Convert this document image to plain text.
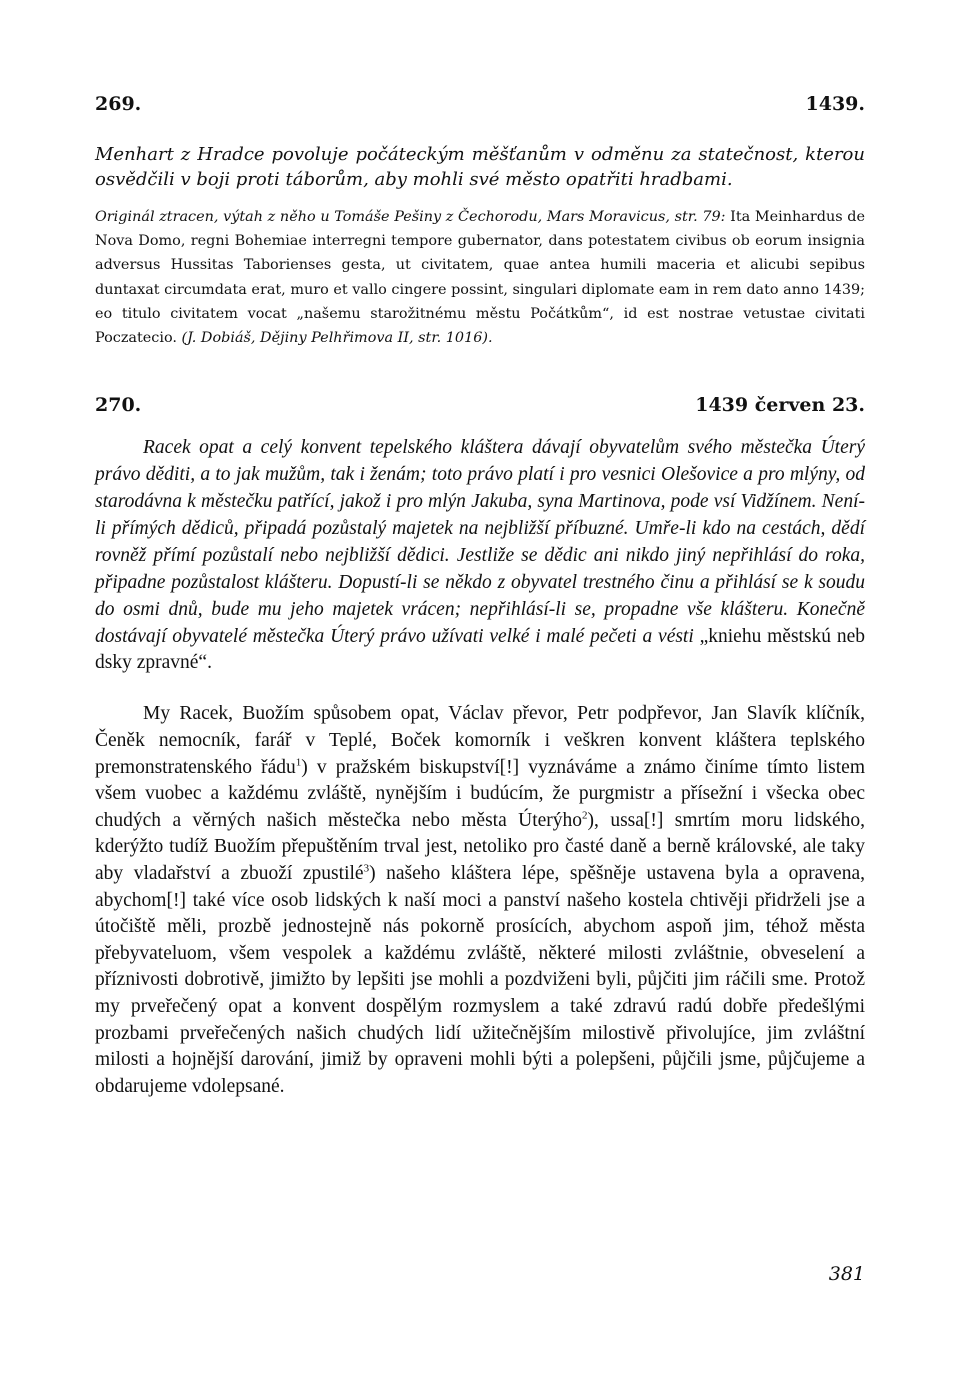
269.	1439.
Menhart z Hradce povoluje počáteckým měšťanům v odměnu za statečnost, kterou osvědčili v boji proti táborům, aby mohli své město opatřiti hradbami.
Originál ztracen, výtah z něho u Tomáše Pešiny z Čechorodu, Mars Moravicus, str. 79: Ita Meinhardus de Nova Domo, regni Bohemiae interregni tempore gubernator, dans potestatem civibus ob eorum insignia adversus Hussitas Taborienses gesta, ut civitatem, quae antea humili maceria et alicubi sepibus duntaxat circumdata erat, muro et vallo cingere possint, singulari diplomate eam in rem dato anno 1439; eo titulo civitatem vocat „našemu starožitnému městu Počátkům“, id est nostrae vetustae civitati Poczatecio. (J. Dobiáš, Dějiny Pelhřimova II, str. 1016).
270.	1439 červen 23.
Racek opat a celý konvent tepelského kláštera dávají obyvatelům svého městečka Úterý právo děditi, a to jak mužům, tak i ženám; toto právo platí i pro vesnici Olešovice a pro mlýny, od starodávna k městečku patřící, jakož i pro mlýn Jakuba, syna Martinova, pode vsí Vidžínem. Není-li přímých dědiců, připadá pozůstalý majetek na nejbližší příbuzné. Umře-li kdo na cestách, dědí rovněž přímí pozůstalí nebo nejbližší dědici. Jestliže se dědic ani nikdo jiný nepřihlásí do roka, připadne pozůstalost klášteru. Dopustí-li se někdo z obyvatel trestného činu a přihlásí se k soudu do osmi dnů, bude mu jeho majetek vrácen; nepřihlásí-li se, propadne vše klášteru. Konečně dostávají obyvatelé městečka Úterý právo užívati velké i malé pečeti a vésti „kniehu městskú neb dsky zpravné“.
My Racek, Buožím spůsobem opat, Václav převor, Petr podpřevor, Jan Slavík klíčník, Čeněk nemocník, farář v Teplé, Boček komorník i veškren konvent kláštera teplského premonstratenského řádu$^1$) v pražském biskupství[!] vyznáváme a známo činíme tímto listem všem vuobec a každému zvláště, nynějším i budúcím, že purgmistr a přísežní i všecka obec chudých a věrných našich městečka nebo města Úterýho$^2$), ussa[!] smrtím moru lidského, kderýžto tudíž Buožím přepuštěním trval jest, netoliko pro časté daně a berně královské, ale taky aby vladařství a zbuoží zpustilé$^3$) našeho kláštera lépe, spěšněje ustavena byla a opravena, abychom[!] také více osob lidských k naší moci a panství našeho kostela chtivěji přidrželi jse a útočiště měli, prozbě jednostejně nás pokorně prosících, abychom aspoň jim, téhož města přebyvateluom, všem vespolek a každému zvláště, některé milosti zvláštnie, obveselení a příznivosti dobrotivě, jimižto by lepšiti jse mohli a pozdviženi byli, půjčiti jim ráčili sme. Protož my prveřečený opat a konvent dospělým rozmyslem a také zdravú radú dobře předešlými prozbami prveřečených našich chudých lidí užitečnějším milostivě přivolujíce, jim zvláštní milosti a hojnější darování, jimiž by opraveni mohli býti a polepšeni, půjčili jsme, půjčujeme a obdarujeme vdolepsané.
381
